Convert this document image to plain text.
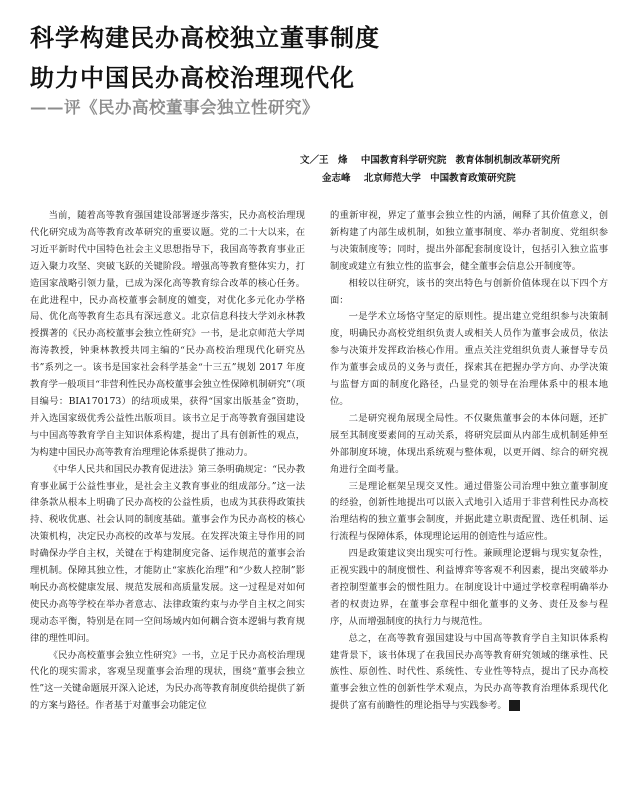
科学构建民办高校独立董事制度
助力中国民办高校治理现代化
——评《民办高校董事会独立性研究》
文／王　烽 中国教育科学研究院 教育体制机制改革研究所
金志峰 北京师范大学 中国教育政策研究院

当前，随着高等教育强国建设部署逐步落实，民办高校治理现代化研究成为高等教育改革研究的重要议题。党的二十大以来，在习近平新时代中国特色社会主义思想指导下，我国高等教育事业正迈入聚力攻坚、突破飞跃的关键阶段。增强高等教育整体实力，打造国家战略引领力量，已成为深化高等教育综合改革的核心任务。在此进程中，民办高校董事会制度的嬗变，对优化多元化办学格局、优化高等教育生态具有深远意义。北京信息科技大学刘永林教授撰著的《民办高校董事会独立性研究》一书，是北京师范大学周海涛教授，钟秉林教授共同主编的“民办高校治理现代化研究丛书”系列之一。该书是国家社会科学基金“十三五”规划 2017 年度教育学一般项目“非营利性民办高校董事会独立性保障机制研究”（项目编号：BIA170173）的结项成果，获得“国家出版基金”资助，并入选国家级优秀公益性出版项目。该书立足于高等教育强国建设与中国高等教育学自主知识体系构建，提出了具有创新性的观点，为构建中国民办高等教育治理理论体系提供了推动力。

《中华人民共和国民办教育促进法》第三条明确规定：“民办教育事业属于公益性事业，是社会主义教育事业的组成部分。”这一法律条款从根本上明确了民办高校的公益性质，也成为其获得政策扶持、税收优惠、社会认同的制度基础。董事会作为民办高校的核心决策机构，决定民办高校的改革与发展。在发挥决策主导作用的同时确保办学自主权，关键在于构建制度完备、运作规范的董事会治理机制。保障其独立性，才能防止“家族化治理”和“少数人控制”影响民办高校健康发展、规范发展和高质量发展。这一过程是对如何使民办高等学校在举办者意志、法律政策约束与办学自主权之间实现动态平衡，特别是在同一空间场域内如何耦合资本逻辑与教育规律的理性叩问。

《民办高校董事会独立性研究》一书，立足于民办高校治理现代化的现实需求，客观呈现董事会治理的现状，围绕“董事会独立性”这一关键命题展开深入论述，为民办高等教育制度供给提供了新的方案与路径。作者基于对董事会功能定位

的重新审视，界定了董事会独立性的内涵，阐释了其价值意义，创新构建了内部生成机制，如独立董事制度、举办者制度、党组织参与决策制度等；同时，提出外部配套制度设计，包括引入独立监事制度或建立有独立性的监事会，健全董事会信息公开制度等。

相较以往研究，该书的突出特色与创新价值体现在以下四个方面：

一是学术立场恪守坚定的原则性。提出建立党组织参与决策制度，明确民办高校党组织负责人或相关人员作为董事会成员，依法参与决策并发挥政治核心作用。重点关注党组织负责人兼督导专员作为董事会成员的义务与责任，探索其在把握办学方向、办学决策与监督方面的制度化路径，凸显党的领导在治理体系中的根本地位。

二是研究视角展现全局性。不仅聚焦董事会的本体问题，还扩展至其制度要素间的互动关系，将研究层面从内部生成机制延伸至外部制度环境，体现出系统观与整体观，以更开阔、综合的研究视角进行全面考量。

三是理论框架呈现交叉性。通过借鉴公司治理中独立董事制度的经验，创新性地提出可以嵌入式地引入适用于非营利性民办高校治理结构的独立董事会制度，并据此建立职责配置、选任机制、运行流程与保障体系，体现理论运用的创造性与适应性。

四是政策建议突出现实可行性。兼顾理论逻辑与现实复杂性，正视实践中的制度惯性、利益博弈等客观不利因素，提出突破举办者控制型董事会的惯性阻力。在制度设计中通过学校章程明确举办者的权责边界，在董事会章程中细化董事的义务、责任及参与程序，从而增强制度的执行力与规范性。

总之，在高等教育强国建设与中国高等教育学自主知识体系构建背景下，该书体现了在我国民办高等教育研究领域的继承性、民族性、原创性、时代性、系统性、专业性等特点，提出了民办高校董事会独立性的创新性学术观点，为民办高等教育治理体系现代化提供了富有前瞻性的理论指导与实践参考。	㊢
